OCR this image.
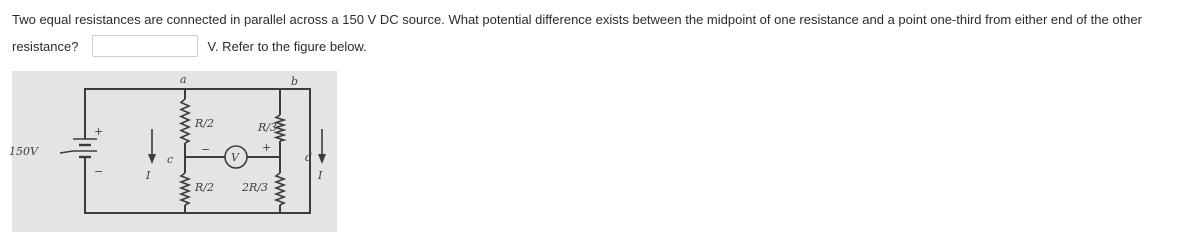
Two equal resistances are connected in parallel across a 150 V DC source. What potential difference exists between the midpoint of one resistance and a point one-third from either end of the other
resistance?	V. Refer to the figure below.
150V
+
−
a	b
c	d
I	I
R/2	R/3
R/2	2R/3
V
−	+
